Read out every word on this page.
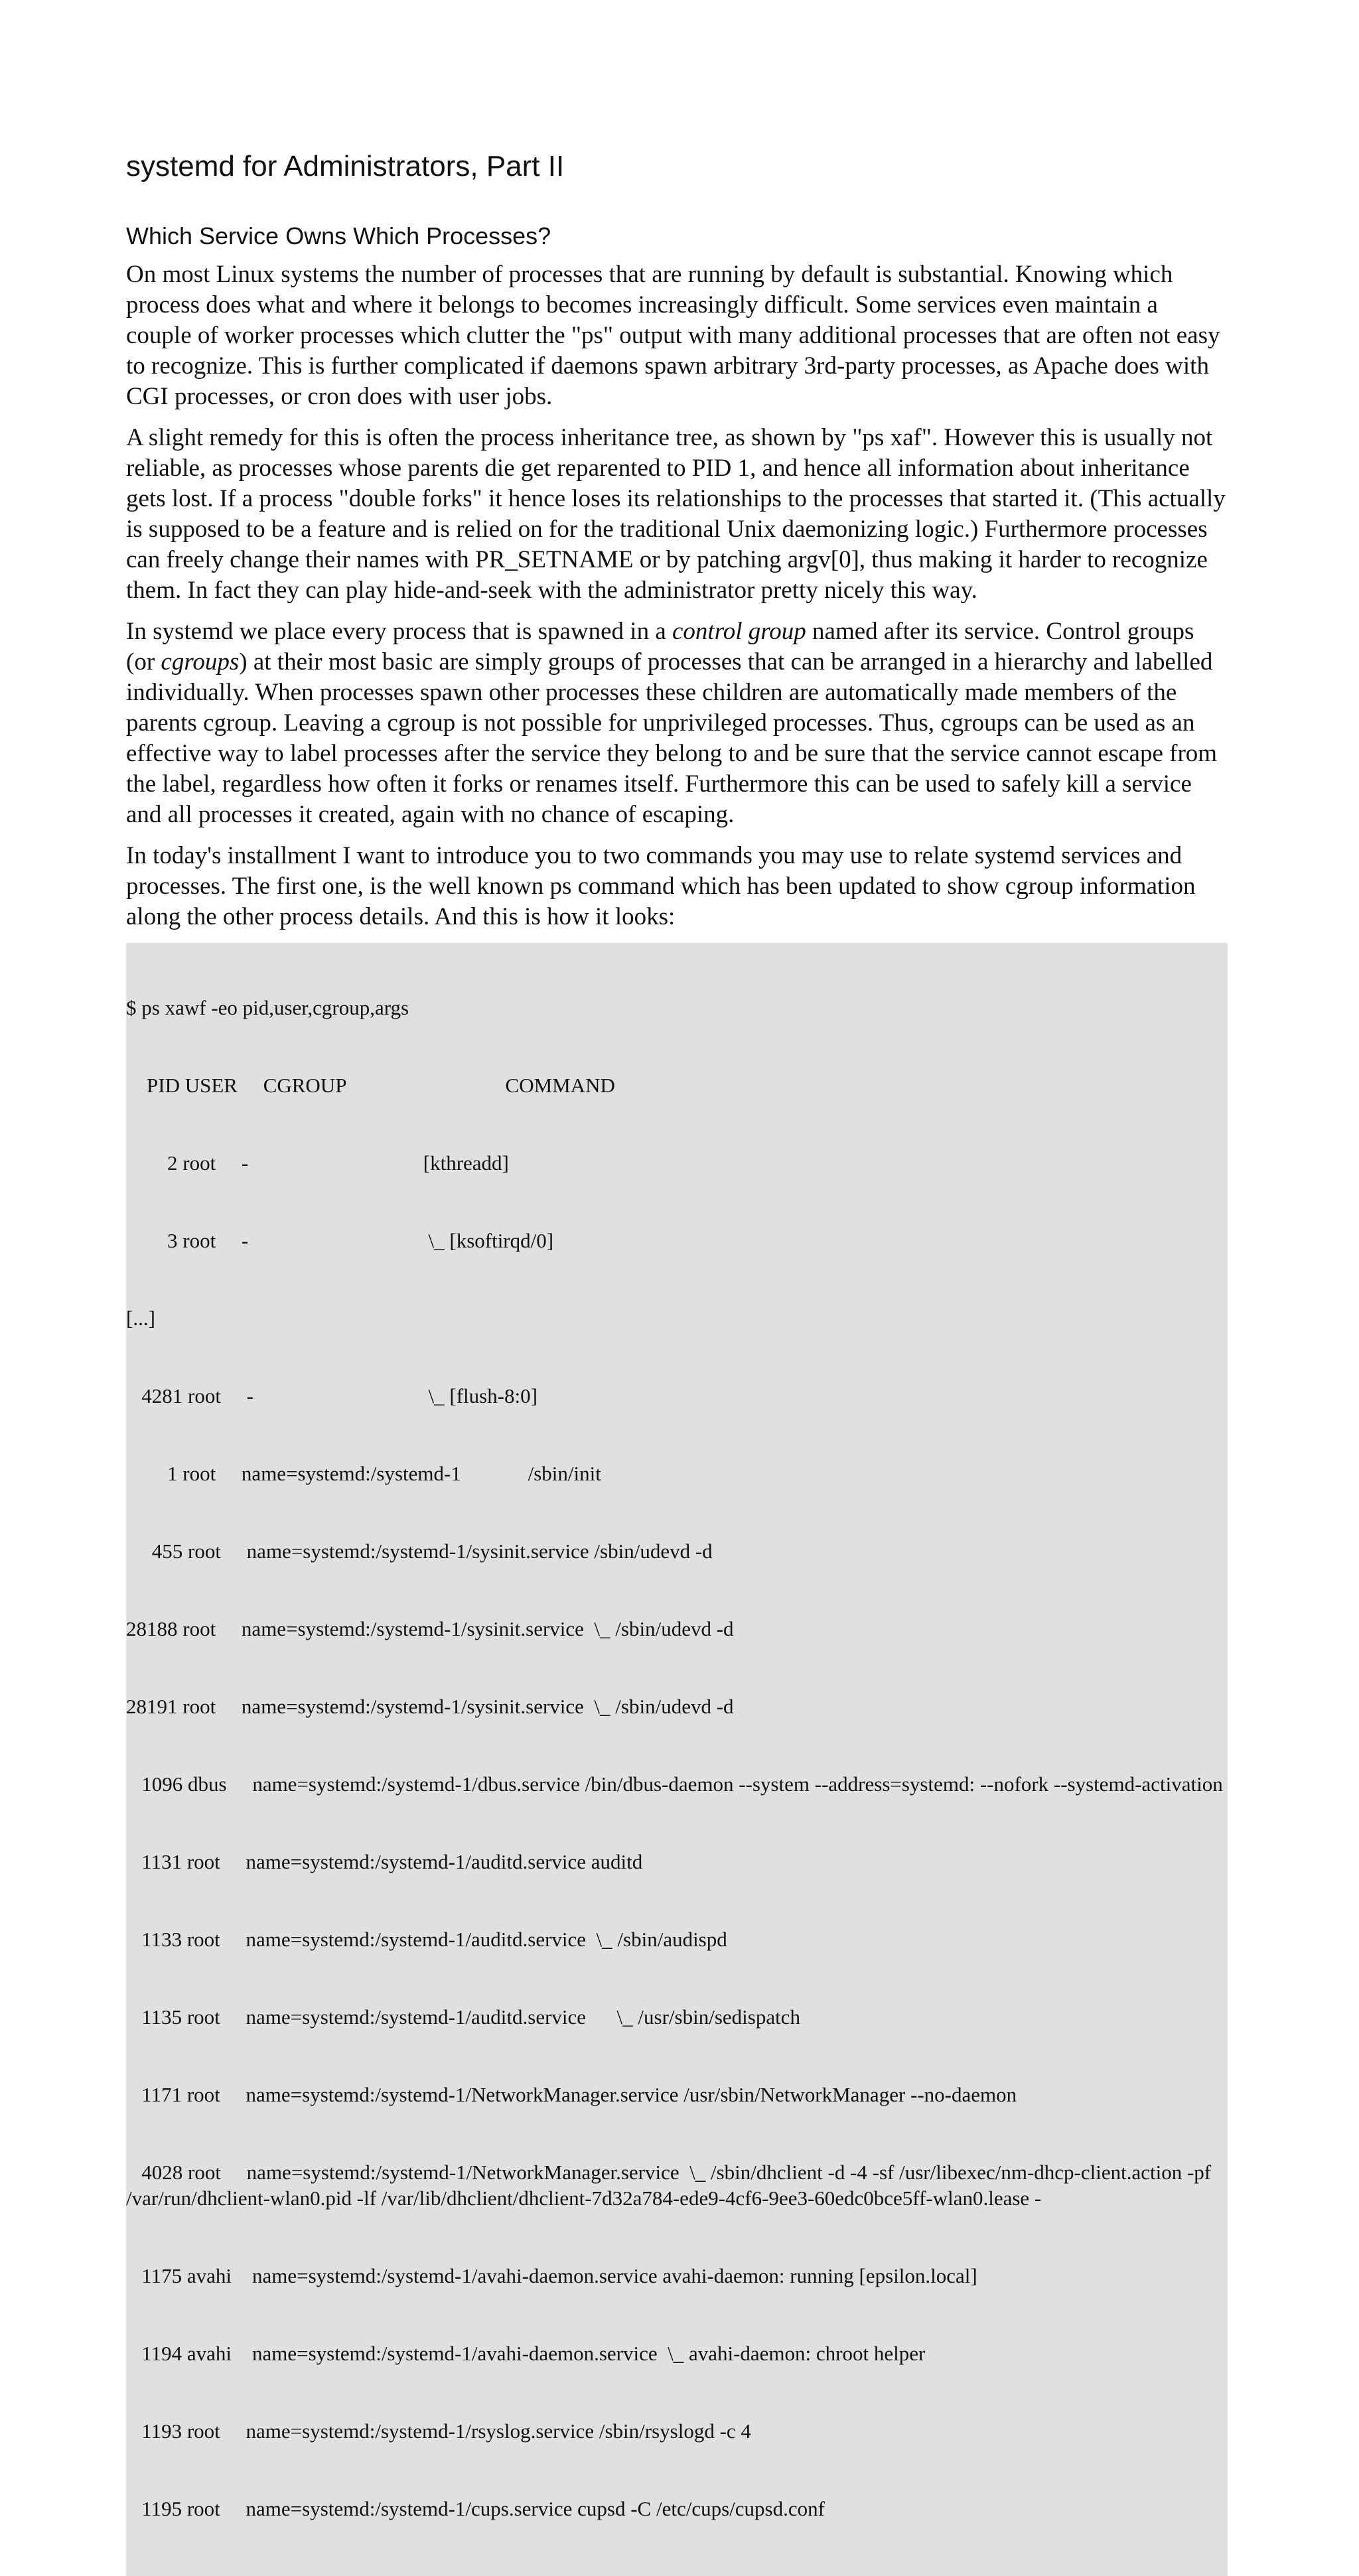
systemd for Administrators, Part II
Which Service Owns Which Processes?

On most Linux systems the number of processes that are running by default is substantial. Knowing which process does what and where it belongs to becomes increasingly difficult. Some services even maintain a couple of worker processes which clutter the "ps" output with many additional processes that are often not easy to recognize. This is further complicated if daemons spawn arbitrary 3rd-party processes, as Apache does with CGI processes, or cron does with user jobs.

A slight remedy for this is often the process inheritance tree, as shown by "ps xaf". However this is usually not reliable, as processes whose parents die get reparented to PID 1, and hence all information about inheritance gets lost. If a process "double forks" it hence loses its relationships to the processes that started it. (This actually is supposed to be a feature and is relied on for the traditional Unix daemonizing logic.) Furthermore processes can freely change their names with PR_SETNAME or by patching argv[0], thus making it harder to recognize them. In fact they can play hide-and-seek with the administrator pretty nicely this way.

In systemd we place every process that is spawned in a control group named after its service. Control groups (or cgroups) at their most basic are simply groups of processes that can be arranged in a hierarchy and labelled individually. When processes spawn other processes these children are automatically made members of the parents cgroup. Leaving a cgroup is not possible for unprivileged processes. Thus, cgroups can be used as an effective way to label processes after the service they belong to and be sure that the service cannot escape from the label, regardless how often it forks or renames itself. Furthermore this can be used to safely kill a service and all processes it created, again with no chance of escaping.

In today's installment I want to introduce you to two commands you may use to relate systemd services and processes. The first one, is the well known ps command which has been updated to show cgroup information along the other process details. And this is how it looks:

$ ps xawf -eo pid,user,cgroup,args

PID USER     CGROUP                               COMMAND

2 root     -                                  [kthreadd]

3 root     -                                   \_ [ksoftirqd/0]

[...]

4281 root     -                                  \_ [flush-8:0]

1 root     name=systemd:/systemd-1             /sbin/init

455 root     name=systemd:/systemd-1/sysinit.service /sbin/udevd -d

28188 root     name=systemd:/systemd-1/sysinit.service  \_ /sbin/udevd -d

28191 root     name=systemd:/systemd-1/sysinit.service  \_ /sbin/udevd -d

1096 dbus     name=systemd:/systemd-1/dbus.service /bin/dbus-daemon --system --address=systemd: --nofork --systemd-activation

1131 root     name=systemd:/systemd-1/auditd.service auditd

1133 root     name=systemd:/systemd-1/auditd.service  \_ /sbin/audispd

1135 root     name=systemd:/systemd-1/auditd.service      \_ /usr/sbin/sedispatch

1171 root     name=systemd:/systemd-1/NetworkManager.service /usr/sbin/NetworkManager --no-daemon

4028 root     name=systemd:/systemd-1/NetworkManager.service  \_ /sbin/dhclient -d -4 -sf /usr/libexec/nm-dhcp-client.action -pf /var/run/dhclient-wlan0.pid -lf /var/lib/dhclient/dhclient-7d32a784-ede9-4cf6-9ee3-60edc0bce5ff-wlan0.lease -

1175 avahi    name=systemd:/systemd-1/avahi-daemon.service avahi-daemon: running [epsilon.local]

1194 avahi    name=systemd:/systemd-1/avahi-daemon.service  \_ avahi-daemon: chroot helper

1193 root     name=systemd:/systemd-1/rsyslog.service /sbin/rsyslogd -c 4

1195 root     name=systemd:/systemd-1/cups.service cupsd -C /etc/cups/cupsd.conf
